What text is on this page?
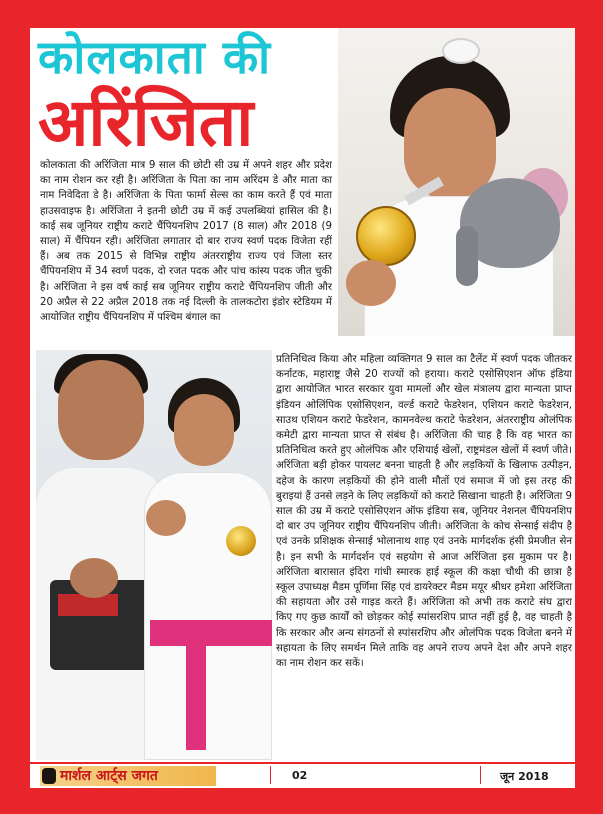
कोलकाता की
अरिंजिता

कोलकाता की अरिंजिता मात्र 9 साल की छोटी सी उम्र में अपने शहर और प्रदेश का नाम रोशन कर रही है। अरिंजिता के पिता का नाम अरिंदम डे और माता का नाम निवेदिता डे है। अरिंजिता के पिता फार्मा सेल्स का काम करते हैं एवं माता हाउसवाइफ है। अरिंजिता ने इतनी छोटी उम्र में कई उपलब्धियां हासिल की है। काई सब जूनियर राष्ट्रीय कराटे चैंपियनशिप 2017 (8 साल) और 2018 (9 साल) में चैंपियन रही। अरिंजिता लगातार दो बार राज्य स्वर्ण पदक विजेता रहीं हैं। अब तक 2015 से विभिन्न राष्ट्रीय अंतरराष्ट्रीय राज्य एवं जिला स्तर चैंपियनशिप में 34 स्वर्ण पदक, दो रजत पदक और पांच कांस्य पदक जीत चुकी है। अरिंजिता ने इस वर्ष काई सब जूनियर राष्ट्रीय कराटे चैंपियनशिप जीती और 20 अप्रैल से 22 अप्रैल 2018 तक नई दिल्ली के तालकटोरा इंडोर स्टेडियम में आयोजित राष्ट्रीय चैंपियनशिप में पश्चिम बंगाल का

प्रतिनिधित्व किया और महिला व्यक्तिगत 9 साल का टैलेंट में स्वर्ण पदक जीतकर कर्नाटक, महाराष्ट्र जैसे 20 राज्यों को हराया। कराटे एसोसिएशन ऑफ इंडिया द्वारा आयोजित भारत सरकार युवा मामलों और खेल मंत्रालय द्वारा मान्यता प्राप्त इंडियन ओलिंपिक एसोसिएशन, वर्ल्ड कराटे फेडरेशन, एशियन कराटे फेडरेशन, साउथ एशियन कराटे फेडरेशन, कामनवेल्थ कराटे फेडरेशन, अंतरराष्ट्रीय ओलंपिक कमेटी द्वारा मान्यता प्राप्त से संबंध है। अरिंजिता की चाह है कि वह भारत का प्रतिनिधित्व करते हुए ओलंपिक और एशियाई खेलों, राष्ट्रमंडल खेलों में स्वर्ण जीते। अरिंजिता बड़ी होकर पायलट बनना चाहती है और लड़कियों के खिलाफ उत्पीड़न, दहेज के कारण लड़कियों की होने वाली मौतों एवं समाज में जो इस तरह की बुराइयां हैं उनसे लड़ने के लिए लड़कियों को कराटे सिखाना चाहती है। अरिंजिता 9 साल की उम्र में कराटे एसोसिएशन ऑफ इंडिया सब, जूनियर नेशनल चैंपियनशिप दो बार उप जूनियर राष्ट्रीय चैंपियनशिप जीती। अरिंजिता के कोच सेन्साई संदीप है एवं उनके प्रशिक्षक सेन्साई भोलानाथ शाह एवं उनके मार्गदर्शक हंसी प्रेमजीत सेन है। इन सभी के मार्गदर्शन एवं सहयोग से आज अरिंजिता इस मुकाम पर है। अरिंजिता बारासात इंदिरा गांधी स्मारक हाई स्कूल की कक्षा चौथी की छात्रा है स्कूल उपाध्यक्ष मैडम पूर्णिमा सिंह एवं डायरेक्टर मैडम मयूर श्रीधर हमेशा अरिंजिता की सहायता और उसे गाइड करते हैं। अरिंजिता को अभी तक कराटे संघ द्वारा किए गए कुछ कार्यों को छोड़कर कोई स्पांसरशिप प्राप्त नहीं हुई है, वह चाहती है कि सरकार और अन्य संगठनों से स्पांसरशिप और ओलंपिक पदक विजेता बनने में सहायता के लिए समर्थन मिले ताकि वह अपने राज्य अपने देश और अपने शहर का नाम रोशन कर सकें।

मार्शल आर्ट्स जगत	02	जून 2018
